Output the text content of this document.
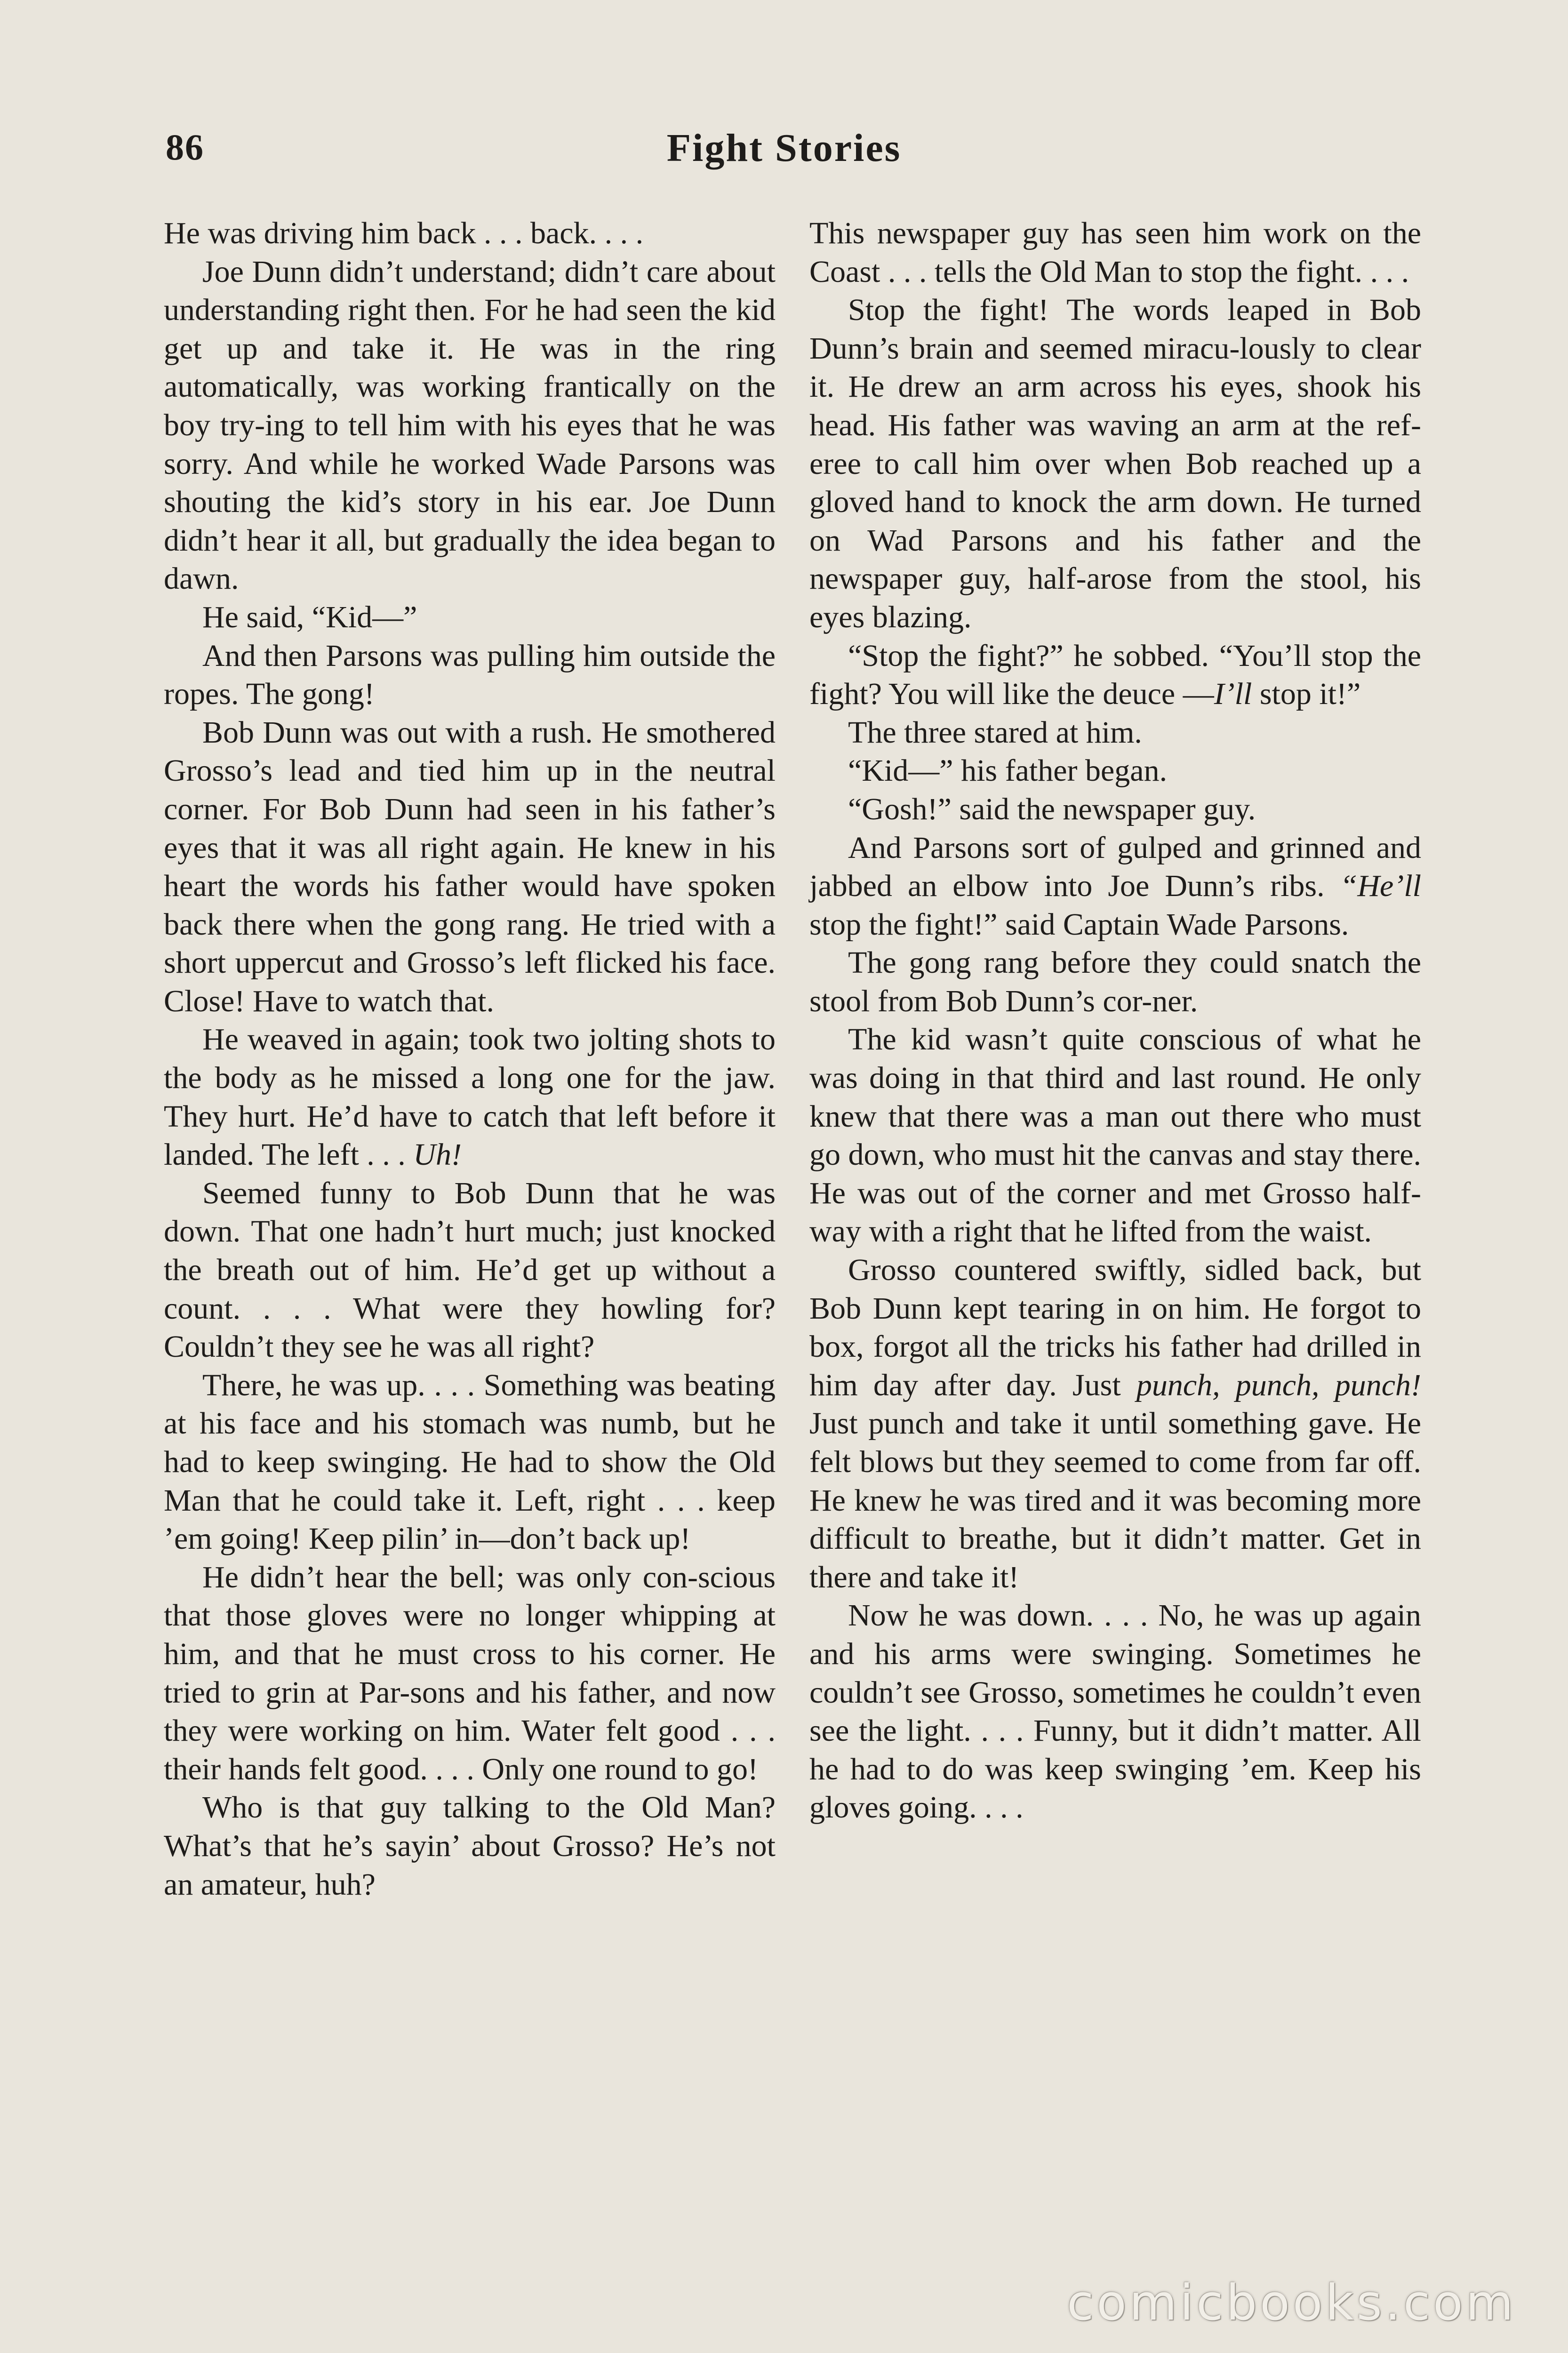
86	Fight Stories

He was driving him back . . . back. . . .

Joe Dunn didn’t understand; didn’t care about understanding right then. For he had seen the kid get up and take it. He was in the ring automatically, was working frantically on the boy try-ing to tell him with his eyes that he was sorry. And while he worked Wade Parsons was shouting the kid’s story in his ear. Joe Dunn didn’t hear it all, but gradually the idea began to dawn.

He said, “Kid—”

And then Parsons was pulling him outside the ropes. The gong!

Bob Dunn was out with a rush. He smothered Grosso’s lead and tied him up in the neutral corner. For Bob Dunn had seen in his father’s eyes that it was all right again. He knew in his heart the words his father would have spoken back there when the gong rang. He tried with a short uppercut and Grosso’s left flicked his face. Close! Have to watch that.

He weaved in again; took two jolting shots to the body as he missed a long one for the jaw. They hurt. He’d have to catch that left before it landed. The left . . . Uh!

Seemed funny to Bob Dunn that he was down. That one hadn’t hurt much; just knocked the breath out of him. He’d get up without a count. . . . What were they howling for? Couldn’t they see he was all right?

There, he was up. . . . Something was beating at his face and his stomach was numb, but he had to keep swinging. He had to show the Old Man that he could take it. Left, right . . . keep ’em going! Keep pilin’ in—don’t back up!

He didn’t hear the bell; was only con-scious that those gloves were no longer whipping at him, and that he must cross to his corner. He tried to grin at Par-sons and his father, and now they were working on him. Water felt good . . . their hands felt good. . . . Only one round to go!

Who is that guy talking to the Old Man? What’s that he’s sayin’ about Grosso? He’s not an amateur, huh?

This newspaper guy has seen him work on the Coast . . . tells the Old Man to stop the fight. . . .

Stop the fight! The words leaped in Bob Dunn’s brain and seemed miracu-lously to clear it. He drew an arm across his eyes, shook his head. His father was waving an arm at the ref-eree to call him over when Bob reached up a gloved hand to knock the arm down. He turned on Wad Parsons and his father and the newspaper guy, half-arose from the stool, his eyes blazing.

“Stop the fight?” he sobbed. “You’ll stop the fight? You will like the deuce —I’ll stop it!”

The three stared at him.

“Kid—” his father began.

“Gosh!” said the newspaper guy.

And Parsons sort of gulped and grinned and jabbed an elbow into Joe Dunn’s ribs. “He’ll stop the fight!” said Captain Wade Parsons.

The gong rang before they could snatch the stool from Bob Dunn’s cor-ner.

The kid wasn’t quite conscious of what he was doing in that third and last round. He only knew that there was a man out there who must go down, who must hit the canvas and stay there. He was out of the corner and met Grosso half-way with a right that he lifted from the waist.

Grosso countered swiftly, sidled back, but Bob Dunn kept tearing in on him. He forgot to box, forgot all the tricks his father had drilled in him day after day. Just punch, punch, punch! Just punch and take it until something gave. He felt blows but they seemed to come from far off. He knew he was tired and it was becoming more difficult to breathe, but it didn’t matter. Get in there and take it!

Now he was down. . . . No, he was up again and his arms were swinging. Sometimes he couldn’t see Grosso, sometimes he couldn’t even see the light. . . . Funny, but it didn’t matter. All he had to do was keep swinging ’em. Keep his gloves going. . . .

comicbooks.com
